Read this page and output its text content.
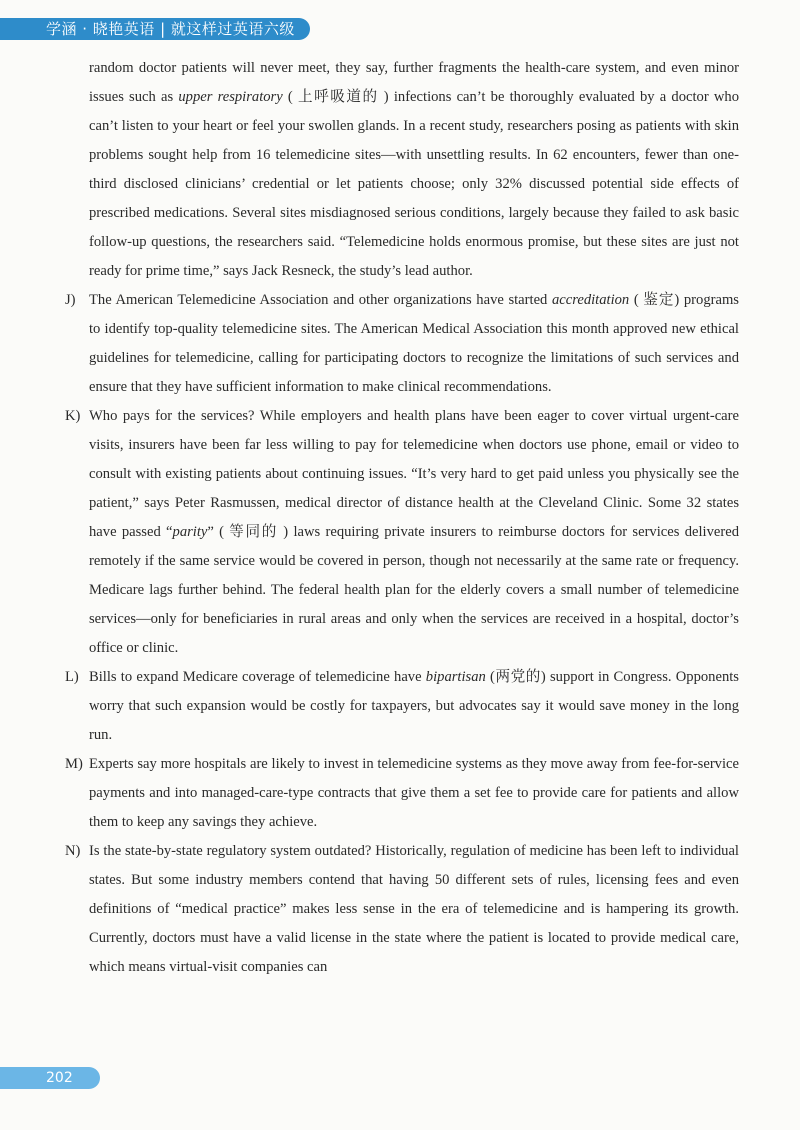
学涵 · 晓艳英语 | 就这样过英语六级

random doctor patients will never meet, they say, further fragments the health-care system, and even minor issues such as upper respiratory ( 上呼吸道的 ) infections can’t be thoroughly evaluated by a doctor who can’t listen to your heart or feel your swollen glands. In a recent study, researchers posing as patients with skin problems sought help from 16 telemedicine sites—with unsettling results. In 62 encounters, fewer than one-third disclosed clinicians’ credential or let patients choose; only 32% discussed potential side effects of prescribed medications. Several sites misdiagnosed serious conditions, largely because they failed to ask basic follow-up questions, the researchers said. “Telemedicine holds enormous promise, but these sites are just not ready for prime time,” says Jack Resneck, the study’s lead author.

J) The American Telemedicine Association and other organizations have started accreditation ( 鉴定) programs to identify top-quality telemedicine sites. The American Medical Association this month approved new ethical guidelines for telemedicine, calling for participating doctors to recognize the limitations of such services and ensure that they have sufficient information to make clinical recommendations.

K) Who pays for the services? While employers and health plans have been eager to cover virtual urgent-care visits, insurers have been far less willing to pay for telemedicine when doctors use phone, email or video to consult with existing patients about continuing issues. “It’s very hard to get paid unless you physically see the patient,” says Peter Rasmussen, medical director of distance health at the Cleveland Clinic. Some 32 states have passed “parity” ( 等同的 ) laws requiring private insurers to reimburse doctors for services delivered remotely if the same service would be covered in person, though not necessarily at the same rate or frequency. Medicare lags further behind. The federal health plan for the elderly covers a small number of telemedicine services—only for beneficiaries in rural areas and only when the services are received in a hospital, doctor’s office or clinic.

L) Bills to expand Medicare coverage of telemedicine have bipartisan (两党的) support in Congress. Opponents worry that such expansion would be costly for taxpayers, but advocates say it would save money in the long run.

M) Experts say more hospitals are likely to invest in telemedicine systems as they move away from fee-for-service payments and into managed-care-type contracts that give them a set fee to provide care for patients and allow them to keep any savings they achieve.

N) Is the state-by-state regulatory system outdated? Historically, regulation of medicine has been left to individual states. But some industry members contend that having 50 different sets of rules, licensing fees and even definitions of “medical practice” makes less sense in the era of telemedicine and is hampering its growth. Currently, doctors must have a valid license in the state where the patient is located to provide medical care, which means virtual-visit companies can

202
